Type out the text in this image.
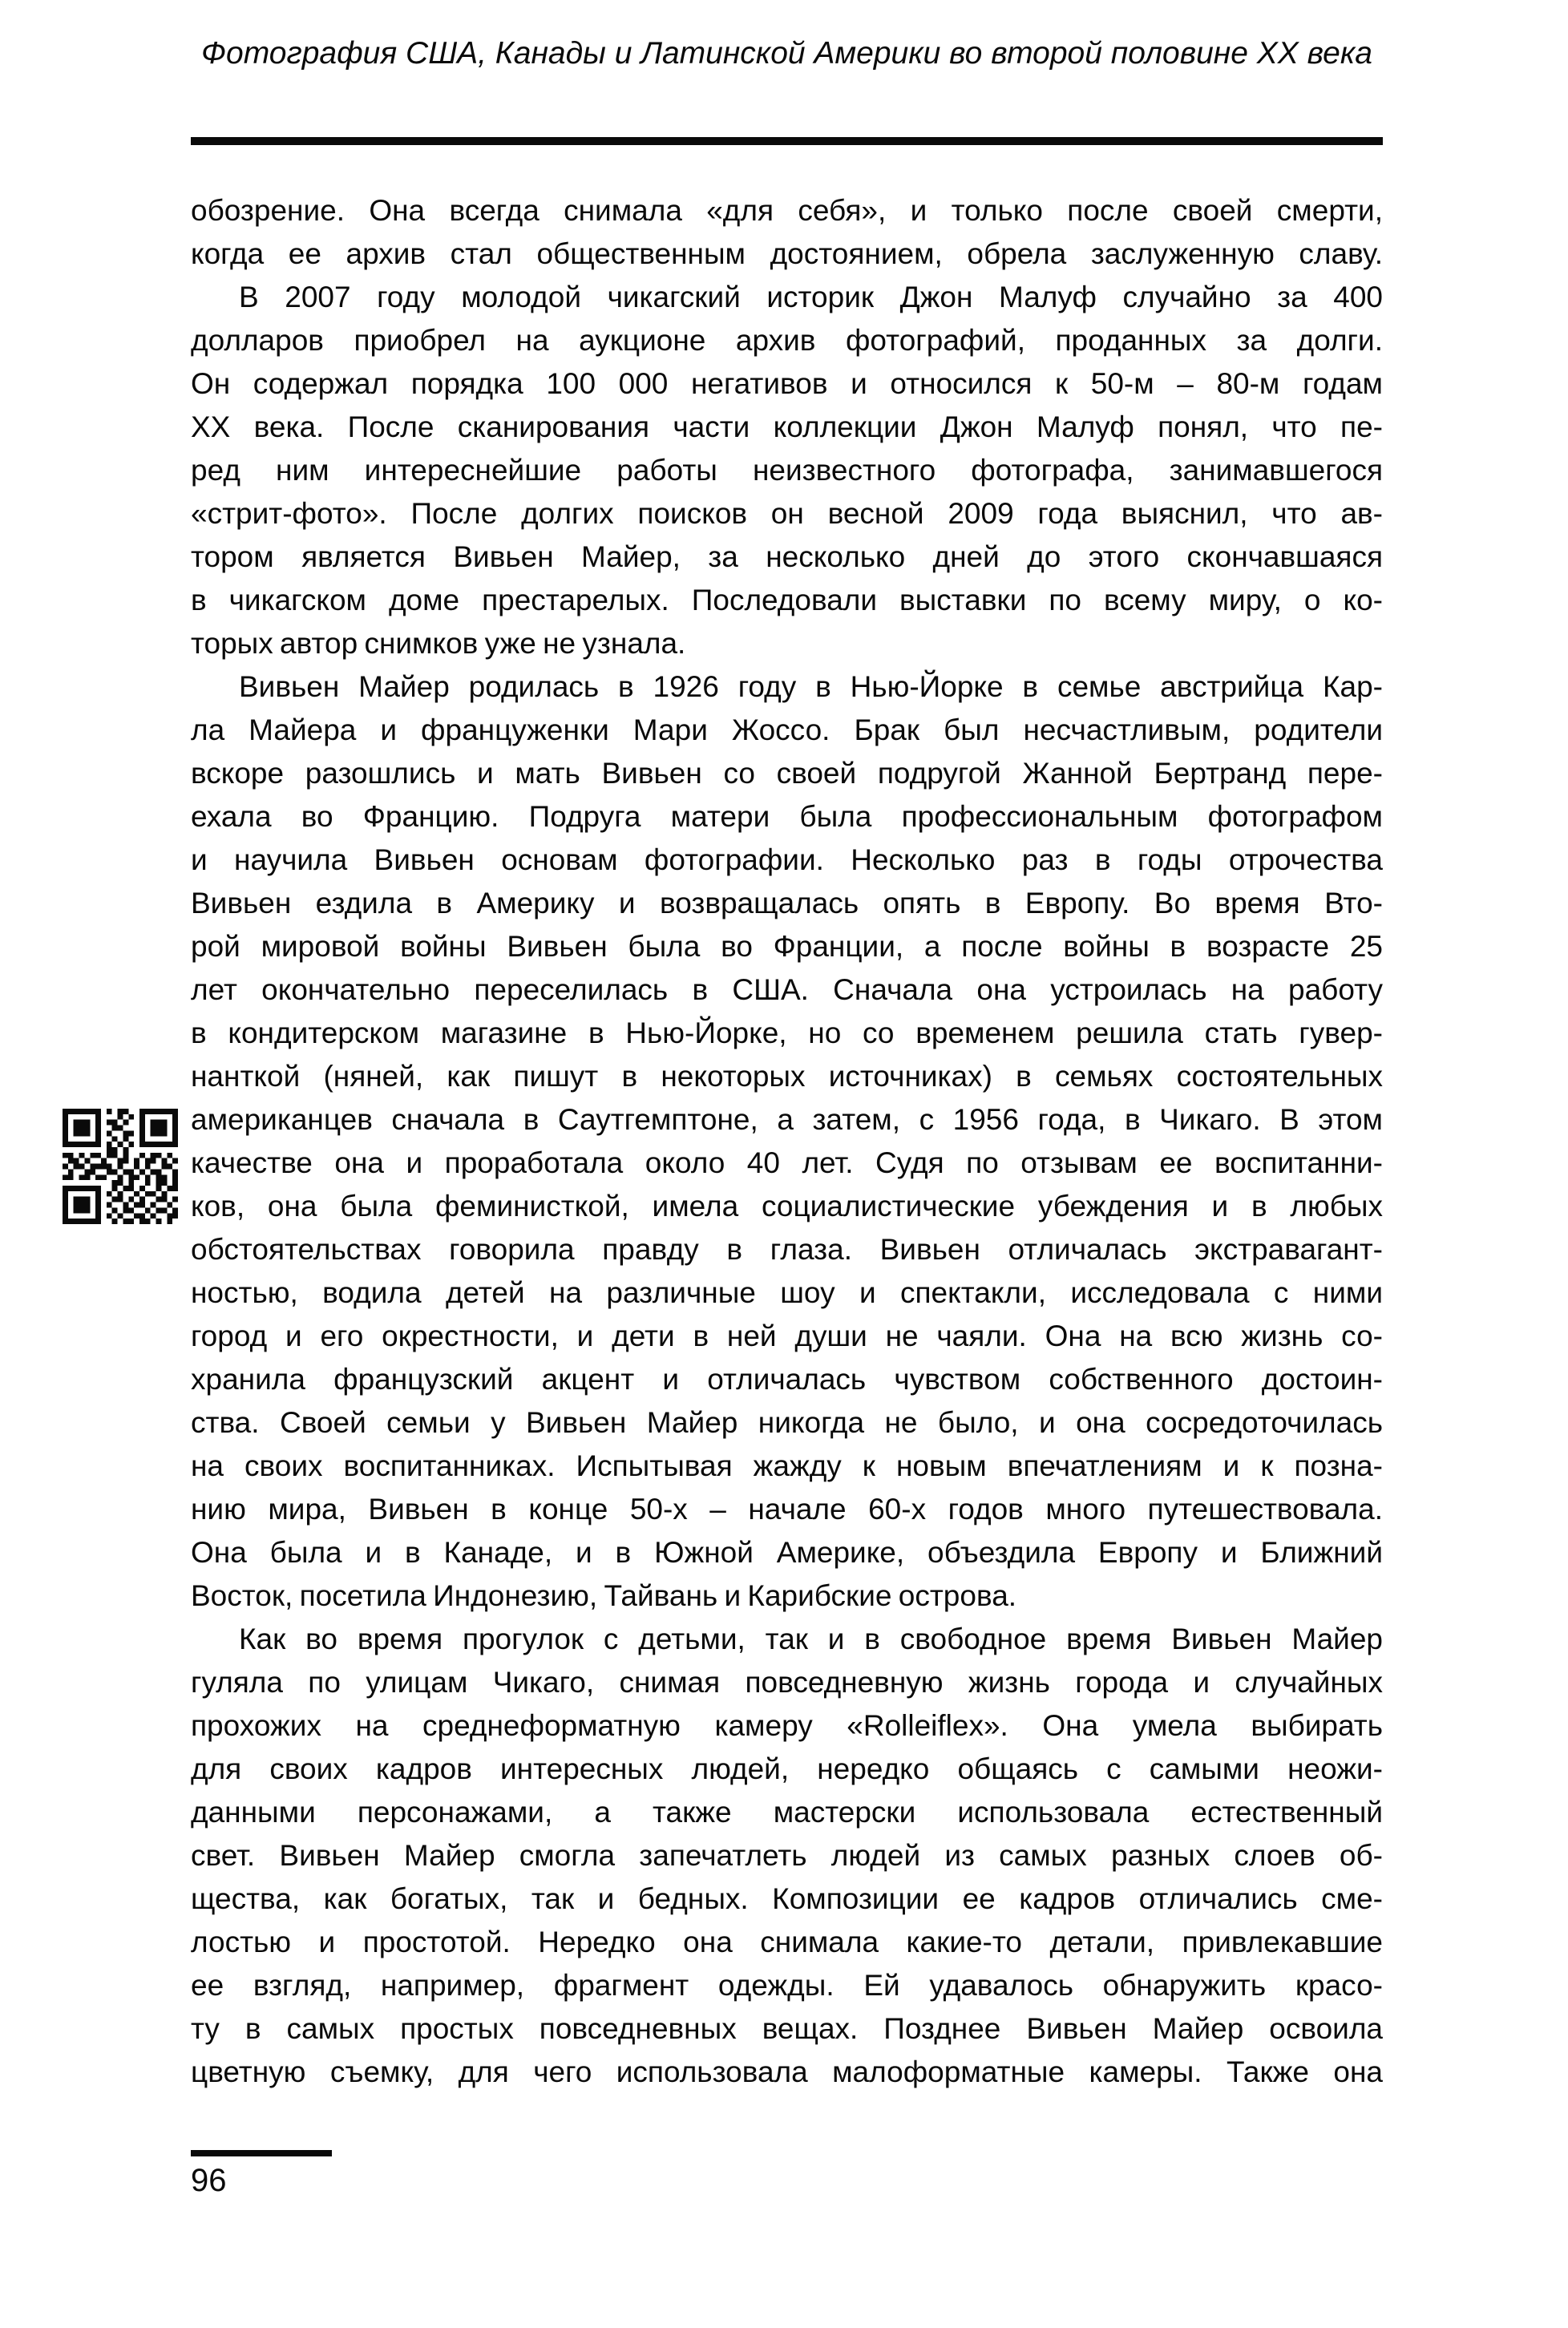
Фотография США, Канады и Латинской Америки во второй половине XX века
обозрение. Она всегда снимала «для себя», и только после своей смерти,
когда ее архив стал общественным достоянием, обрела заслуженную славу.
В 2007 году молодой чикагский историк Джон Малуф случайно за 400
долларов приобрел на аукционе архив фотографий, проданных за долги.
Он содержал порядка 100 000 негативов и относился к 50-м – 80-м годам
XX века. После сканирования части коллекции Джон Малуф понял, что пе-
ред ним интереснейшие работы неизвестного фотографа, занимавшегося
«стрит-фото». После долгих поисков он весной 2009 года выяснил, что ав-
тором является Вивьен Майер, за несколько дней до этого скончавшаяся
в чикагском доме престарелых. Последовали выставки по всему миру, о ко-
торых автор снимков уже не узнала.
Вивьен Майер родилась в 1926 году в Нью-Йорке в семье австрийца Кар-
ла Майера и француженки Мари Жоссо. Брак был несчастливым, родители
вскоре разошлись и мать Вивьен со своей подругой Жанной Бертранд пере-
ехала во Францию. Подруга матери была профессиональным фотографом
и научила Вивьен основам фотографии. Несколько раз в годы отрочества
Вивьен ездила в Америку и возвращалась опять в Европу. Во время Вто-
рой мировой войны Вивьен была во Франции, а после войны в возрасте 25
лет окончательно переселилась в США. Сначала она устроилась на работу
в кондитерском магазине в Нью-Йорке, но со временем решила стать гувер-
нанткой (няней, как пишут в некоторых источниках) в семьях состоятельных
американцев сначала в Саутгемптоне, а затем, с 1956 года, в Чикаго. В этом
качестве она и проработала около 40 лет. Судя по отзывам ее воспитанни-
ков, она была феминисткой, имела социалистические убеждения и в любых
обстоятельствах говорила правду в глаза. Вивьен отличалась экстравагант-
ностью, водила детей на различные шоу и спектакли, исследовала с ними
город и его окрестности, и дети в ней души не чаяли. Она на всю жизнь со-
хранила французский акцент и отличалась чувством собственного достоин-
ства. Своей семьи у Вивьен Майер никогда не было, и она сосредоточилась
на своих воспитанниках. Испытывая жажду к новым впечатлениям и к позна-
нию мира, Вивьен в конце 50-х – начале 60-х годов много путешествовала.
Она была и в Канаде, и в Южной Америке, объездила Европу и Ближний
Восток, посетила Индонезию, Тайвань и Карибские острова.
Как во время прогулок с детьми, так и в свободное время Вивьен Майер
гуляла по улицам Чикаго, снимая повседневную жизнь города и случайных
прохожих на среднеформатную камеру «Rolleiflex». Она умела выбирать
для своих кадров интересных людей, нередко общаясь с самыми неожи-
данными персонажами, а также мастерски использовала естественный
свет. Вивьен Майер смогла запечатлеть людей из самых разных слоев об-
щества, как богатых, так и бедных. Композиции ее кадров отличались сме-
лостью и простотой. Нередко она снимала какие-то детали, привлекавшие
ее взгляд, например, фрагмент одежды. Ей удавалось обнаружить красо-
ту в самых простых повседневных вещах. Позднее Вивьен Майер освоила
цветную съемку, для чего использовала малоформатные камеры. Также она
96
